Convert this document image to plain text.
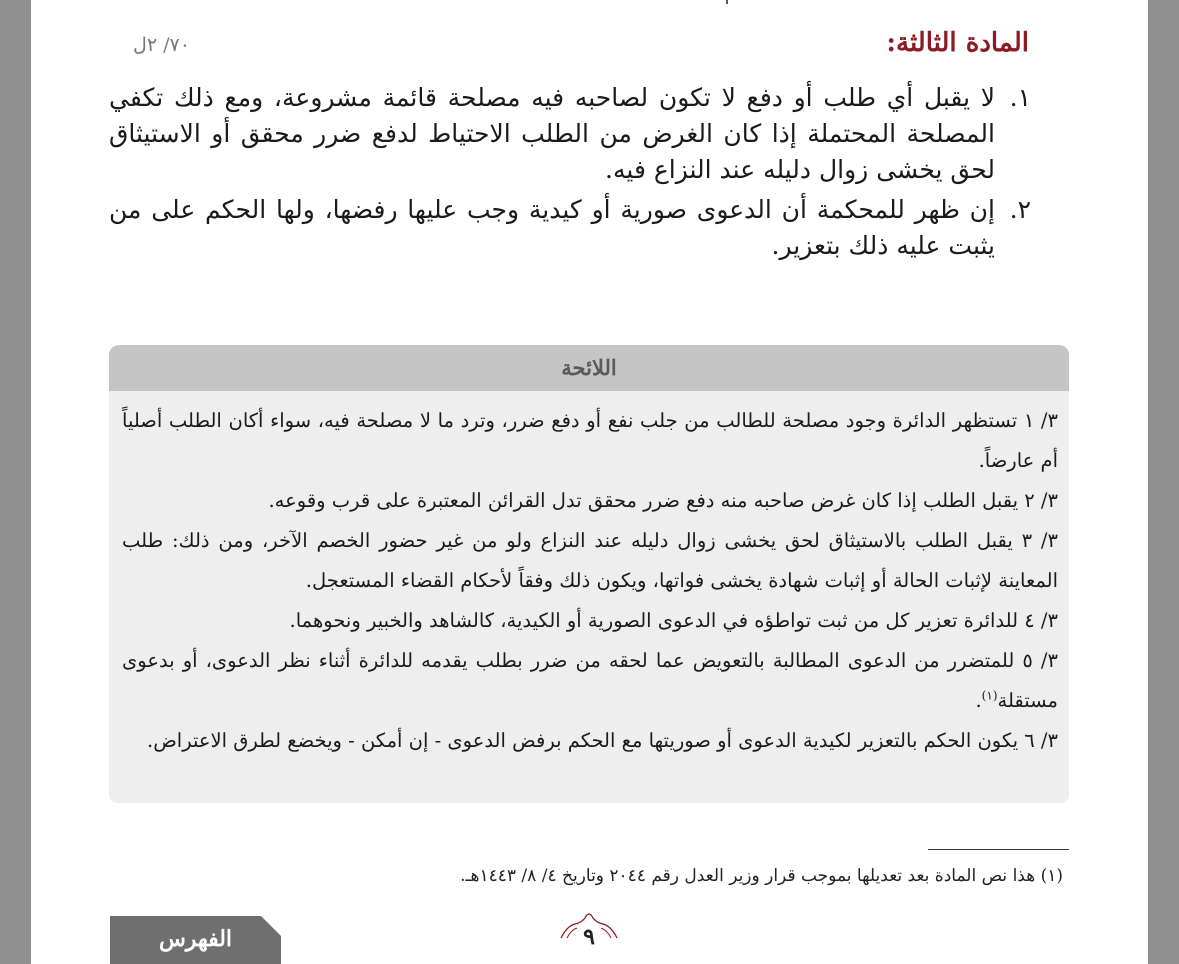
المادة الثالثة:
٧٠/ ٢ل
١.
لا يقبل أي طلب أو دفع لا تكون لصاحبه فيه مصلحة قائمة مشروعة، ومع ذلك تكفي المصلحة المحتملة إذا كان الغرض من الطلب الاحتياط لدفع ضرر محقق أو الاستيثاق لحق يخشى زوال دليله عند النزاع فيه.
٢.
إن ظهر للمحكمة أن الدعوى صورية أو كيدية وجب عليها رفضها، ولها الحكم على من يثبت عليه ذلك بتعزير.
اللائحة

٣/ ١ تستظهر الدائرة وجود مصلحة للطالب من جلب نفع أو دفع ضرر، وترد ما لا مصلحة فيه، سواء أكان الطلب أصلياً أم عارضاً.

٣/ ٢ يقبل الطلب إذا كان غرض صاحبه منه دفع ضرر محقق تدل القرائن المعتبرة على قرب وقوعه.

٣/ ٣ يقبل الطلب بالاستيثاق لحق يخشى زوال دليله عند النزاع ولو من غير حضور الخصم الآخر، ومن ذلك: طلب المعاينة لإثبات الحالة أو إثبات شهادة يخشى فواتها، ويكون ذلك وفقاً لأحكام القضاء المستعجل.

٣/ ٤ للدائرة تعزير كل من ثبت تواطؤه في الدعوى الصورية أو الكيدية، كالشاهد والخبير ونحوهما.

٣/ ٥ للمتضرر من الدعوى المطالبة بالتعويض عما لحقه من ضرر بطلب يقدمه للدائرة أثناء نظر الدعوى، أو بدعوى مستقلة$^{(١)}$.

٣/ ٦ يكون الحكم بالتعزير لكيدية الدعوى أو صوريتها مع الحكم برفض الدعوى - إن أمكن - ويخضع لطرق الاعتراض.

(١) هذا نص المادة بعد تعديلها بموجب قرار وزير العدل رقم ٢٠٤٤ وتاريخ ٤/ ٨/ ١٤٤٣هـ.
الفهرس	٩
